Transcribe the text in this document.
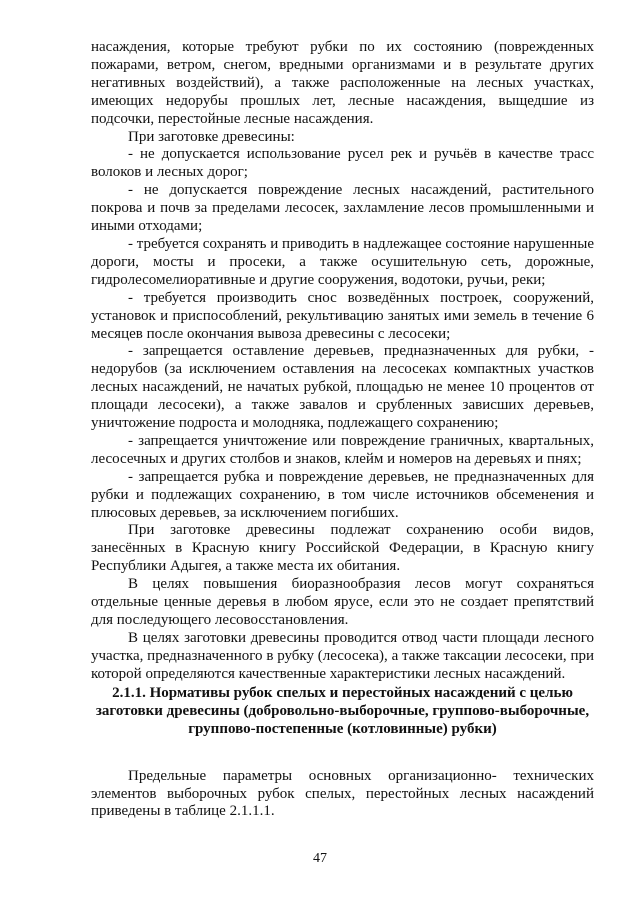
насаждения, которые требуют рубки по их состоянию (поврежденных пожарами, ветром, снегом, вредными организмами и в результате других негативных воздействий), а также расположенные на лесных участках, имеющих недорубы прошлых лет, лесные насаждения, выщедшие из подсочки, перестойные лесные насаждения.

При заготовке древесины:

- не допускается использование русел рек и ручьёв в качестве трасс волоков и лесных дорог;

- не допускается повреждение лесных насаждений, растительного покрова и почв за пределами лесосек, захламление лесов промышленными и иными отходами;

- требуется сохранять и приводить в надлежащее состояние нарушенные дороги, мосты и просеки, а также осушительную сеть, дорожные, гидролесомелиоративные и другие сооружения, водотоки, ручьи, реки;

- требуется производить снос возведённых построек, сооружений, установок и приспособлений, рекультивацию занятых ими земель в течение 6 месяцев после окончания вывоза древесины с лесосеки;

- запрещается оставление деревьев, предназначенных для рубки, - недорубов (за исключением оставления на лесосеках компактных участков лесных насаждений, не начатых рубкой, площадью не менее 10 процентов от площади лесосеки), а также завалов и срубленных зависших деревьев, уничтожение подроста и молодняка, подлежащего сохранению;

- запрещается уничтожение или повреждение граничных, квартальных, лесосечных и других столбов и знаков, клейм и номеров на деревьях и пнях;

- запрещается рубка и повреждение деревьев, не предназначенных для рубки и подлежащих сохранению, в том числе источников обсеменения и плюсовых деревьев, за исключением погибших.

При заготовке древесины подлежат сохранению особи видов, занесённых в Красную книгу Российской Федерации, в Красную книгу Республики Адыгея, а также места их обитания.

В целях повышения биоразнообразия лесов могут сохраняться отдельные ценные деревья в любом ярусе, если это не создает препятствий для последующего лесовосстановления.

В целях заготовки древесины проводится отвод части площади лесного участка, предназначенного в рубку (лесосека), а также таксации лесосеки, при которой определяются качественные характеристики лесных насаждений.

2.1.1. Нормативы рубок спелых и перестойных насаждений с целью заготовки древесины (добровольно-выборочные, группово-выборочные, группово-постепенные (котловинные) рубки)

Предельные параметры основных организационно- технических элементов выборочных рубок спелых, перестойных лесных насаждений приведены в таблице 2.1.1.1.

47
